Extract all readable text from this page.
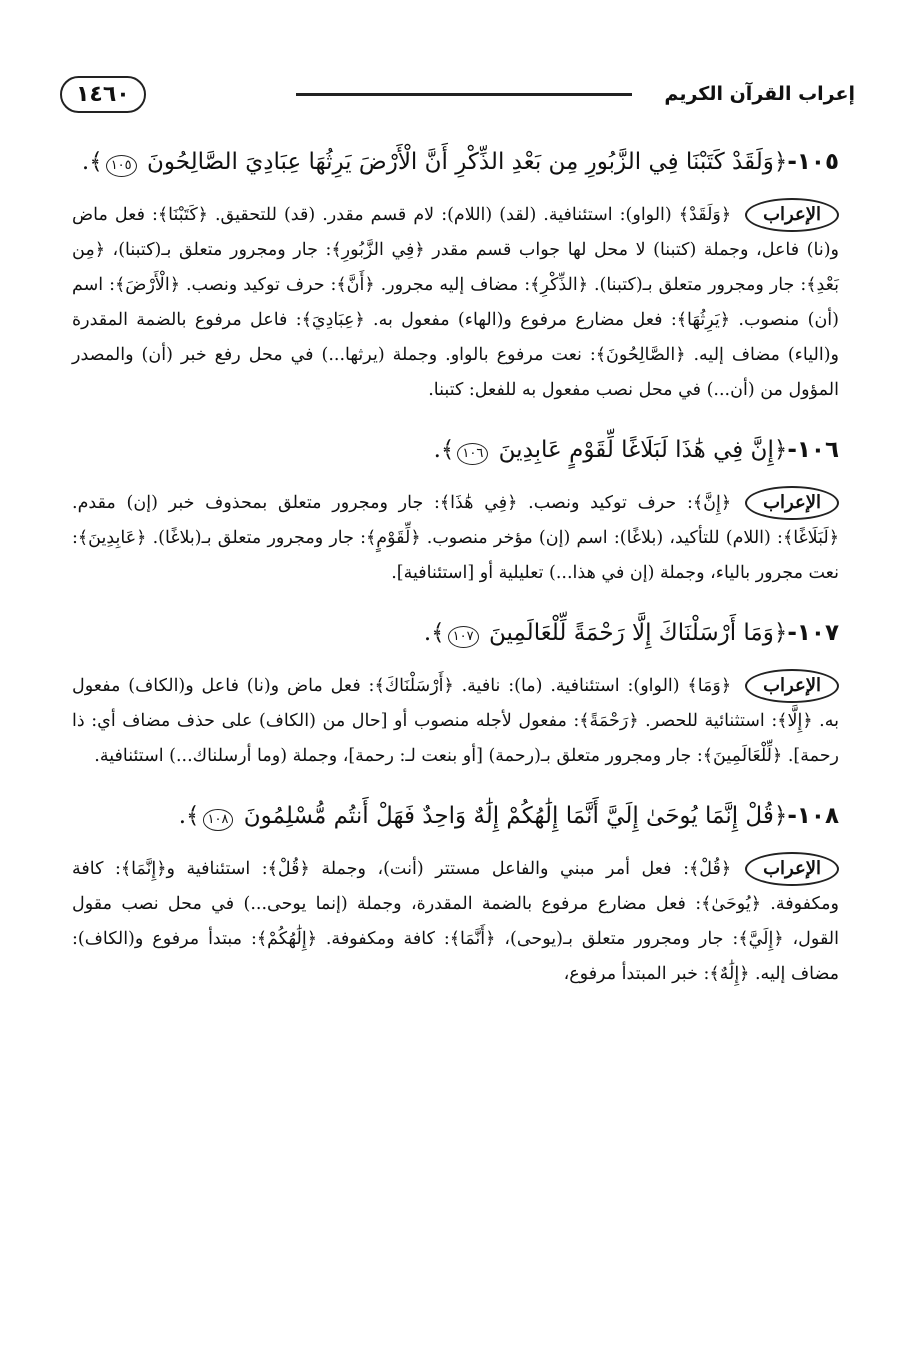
إعراب القرآن الكريم
١٤٦٠

١٠٥-﴿وَلَقَدْ كَتَبْنَا فِي الزَّبُورِ مِن بَعْدِ الذِّكْرِ أَنَّ الْأَرْضَ يَرِثُهَا عِبَادِيَ الصَّالِحُونَ ١٠٥﴾.

الإعراب﴿وَلَقَدْ﴾ (الواو): استئنافية. (لقد) (اللام): لام قسم مقدر. (قد) للتحقيق. ﴿كَتَبْنَا﴾: فعل ماض و(نا) فاعل، وجملة (كتبنا) لا محل لها جواب قسم مقدر ﴿فِي الزَّبُورِ﴾: جار ومجرور متعلق بـ(كتبنا)، ﴿مِن بَعْدِ﴾: جار ومجرور متعلق بـ(كتبنا). ﴿الذِّكْرِ﴾: مضاف إليه مجرور. ﴿أَنَّ﴾: حرف توكيد ونصب. ﴿الْأَرْضَ﴾: اسم (أن) منصوب. ﴿يَرِثُهَا﴾: فعل مضارع مرفوع و(الهاء) مفعول به. ﴿عِبَادِيَ﴾: فاعل مرفوع بالضمة المقدرة و(الياء) مضاف إليه. ﴿الصَّالِحُونَ﴾: نعت مرفوع بالواو. وجملة (يرثها...) في محل رفع خبر (أن) والمصدر المؤول من (أن...) في محل نصب مفعول به للفعل: كتبنا.

١٠٦-﴿إِنَّ فِي هَٰذَا لَبَلَاغًا لِّقَوْمٍ عَابِدِينَ ١٠٦﴾.

الإعراب﴿إِنَّ﴾: حرف توكيد ونصب. ﴿فِي هَٰذَا﴾: جار ومجرور متعلق بمحذوف خبر (إن) مقدم. ﴿لَبَلَاغًا﴾: (اللام) للتأكيد، (بلاغًا): اسم (إن) مؤخر منصوب. ﴿لِّقَوْمٍ﴾: جار ومجرور متعلق بـ(بلاغًا). ﴿عَابِدِينَ﴾: نعت مجرور بالياء، وجملة (إن في هذا...) تعليلية أو [استئنافية].

١٠٧-﴿وَمَا أَرْسَلْنَاكَ إِلَّا رَحْمَةً لِّلْعَالَمِينَ ١٠٧﴾.

الإعراب﴿وَمَا﴾ (الواو): استئنافية. (ما): نافية. ﴿أَرْسَلْنَاكَ﴾: فعل ماض و(نا) فاعل و(الكاف) مفعول به. ﴿إِلَّا﴾: استثنائية للحصر. ﴿رَحْمَةً﴾: مفعول لأجله منصوب أو [حال من (الكاف) على حذف مضاف أي: ذا رحمة]. ﴿لِّلْعَالَمِينَ﴾: جار ومجرور متعلق بـ(رحمة) [أو بنعت لـ: رحمة]، وجملة (وما أرسلناك...) استئنافية.

١٠٨-﴿قُلْ إِنَّمَا يُوحَىٰ إِلَيَّ أَنَّمَا إِلَٰهُكُمْ إِلَٰهٌ وَاحِدٌ فَهَلْ أَنتُم مُّسْلِمُونَ ١٠٨﴾.

الإعراب﴿قُلْ﴾: فعل أمر مبني والفاعل مستتر (أنت)، وجملة ﴿قُلْ﴾: استئنافية و﴿إِنَّمَا﴾: كافة ومكفوفة. ﴿يُوحَىٰ﴾: فعل مضارع مرفوع بالضمة المقدرة، وجملة (إنما يوحى...) في محل نصب مقول القول، ﴿إِلَيَّ﴾: جار ومجرور متعلق بـ(يوحى)، ﴿أَنَّمَا﴾: كافة ومكفوفة. ﴿إِلَٰهُكُمْ﴾: مبتدأ مرفوع و(الكاف): مضاف إليه. ﴿إِلَٰهٌ﴾: خبر المبتدأ مرفوع،
